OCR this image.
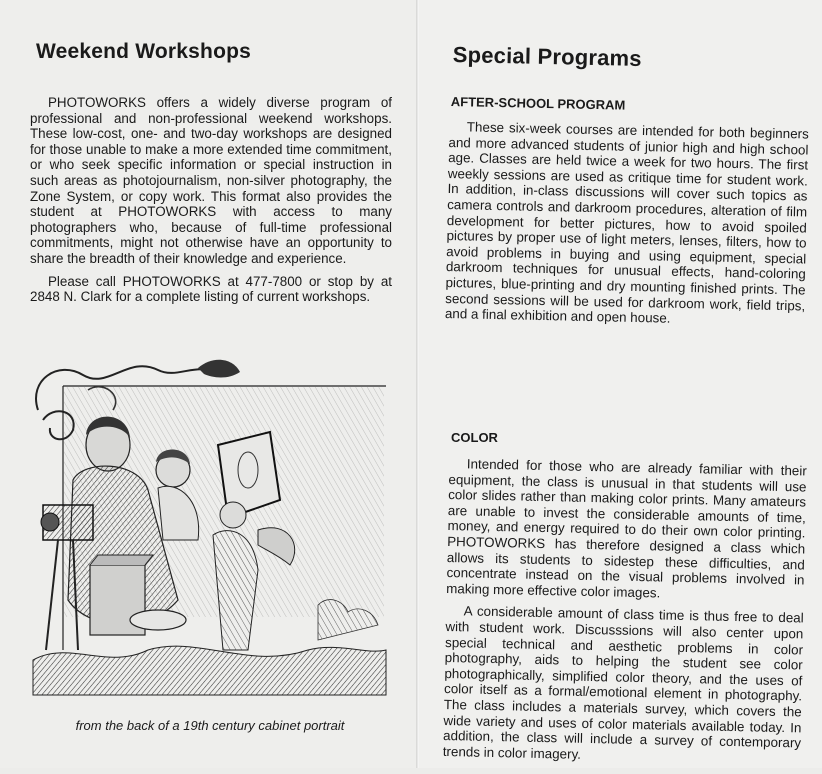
Weekend Workshops

PHOTOWORKS offers a widely diverse program of professional and non-professional weekend workshops. These low-cost, one- and two-day workshops are designed for those unable to make a more extended time commitment, or who seek specific information or special instruction in such areas as photojournalism, non-silver photography, the Zone System, or copy work. This format also provides the student at PHOTOWORKS with access to many photographers who, because of full-time professional commitments, might not otherwise have an opportunity to share the breadth of their knowledge and experience.

Please call PHOTOWORKS at 477-7800 or stop by at 2848 N. Clark for a complete listing of current workshops.

from the back of a 19th century cabinet portrait
Special Programs
AFTER-SCHOOL PROGRAM

These six-week courses are intended for both beginners and more advanced students of junior high and high school age. Classes are held twice a week for two hours. The first weekly sessions are used as critique time for student work. In addition, in-class discussions will cover such topics as camera controls and darkroom procedures, alteration of film development for better pictures, how to avoid spoiled pictures by proper use of light meters, lenses, filters, how to avoid problems in buying and using equipment, special darkroom techniques for unusual effects, hand-coloring pictures, blue-printing and dry mounting finished prints. The second sessions will be used for darkroom work, field trips, and a final exhibition and open house.

COLOR

Intended for those who are already familiar with their equipment, the class is unusual in that students will use color slides rather than making color prints. Many amateurs are unable to invest the considerable amounts of time, money, and energy required to do their own color printing. PHOTOWORKS has therefore designed a class which allows its students to sidestep these difficulties, and concentrate instead on the visual problems involved in making more effective color images.

A considerable amount of class time is thus free to deal with student work. Discusssions will also center upon special technical and aesthetic problems in color photography, aids to helping the student see color photographically, simplified color theory, and the uses of color itself as a formal/emotional element in photography. The class includes a materials survey, which covers the wide variety and uses of color materials available today. In addition, the class will include a survey of contemporary trends in color imagery.
